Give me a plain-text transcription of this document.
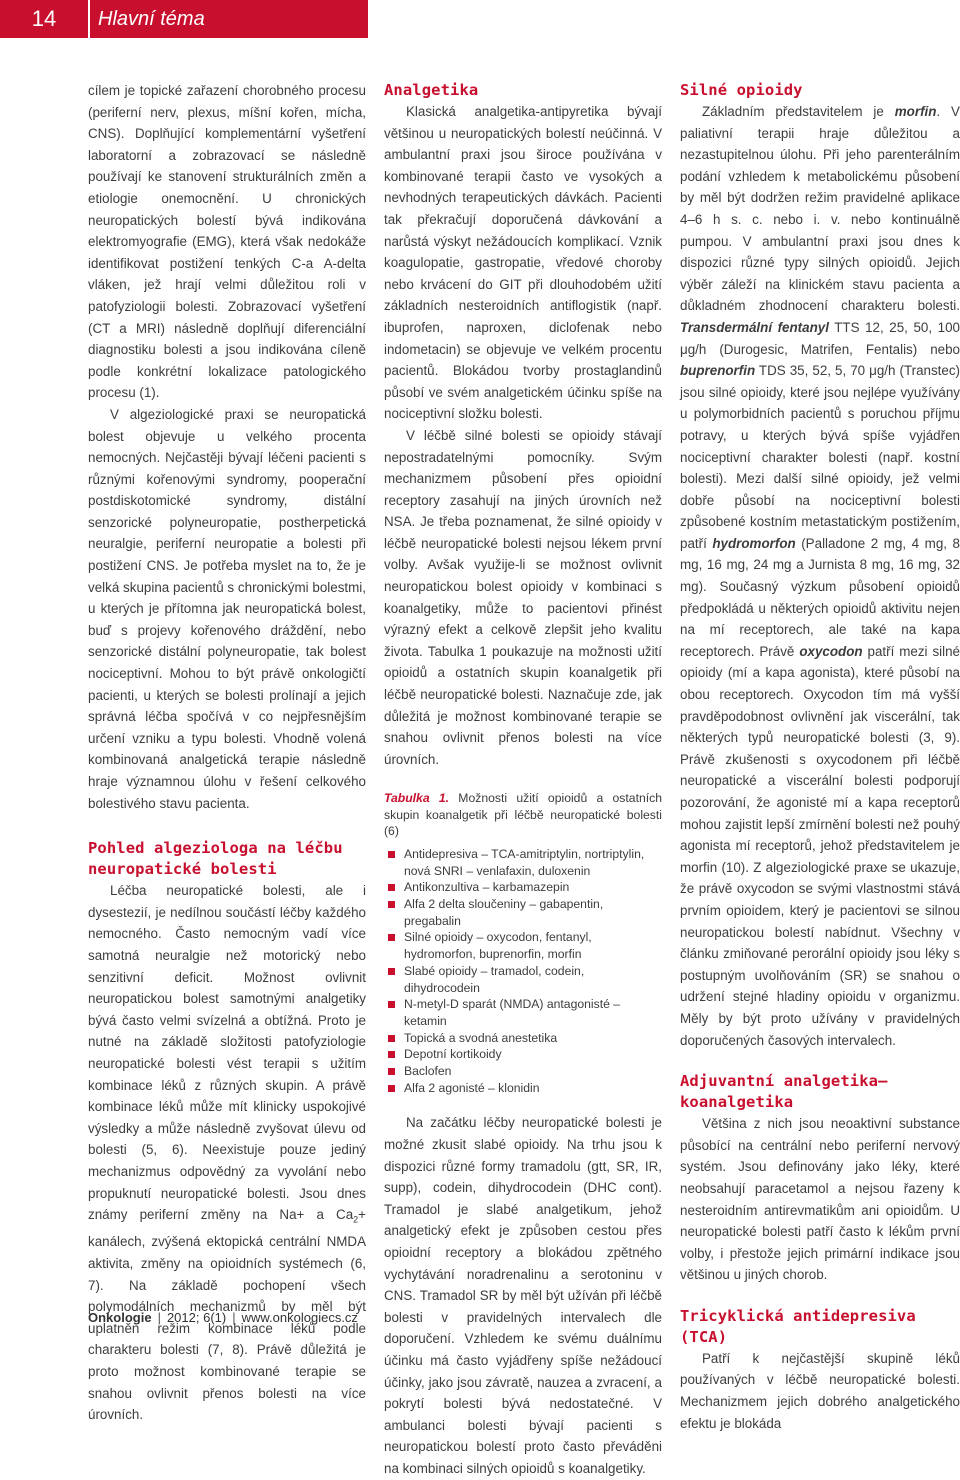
14	Hlavní téma

cílem je topické zařazení chorobného procesu (periferní nerv, plexus, míšní kořen, mícha, CNS). Doplňující komplementární vyšetření laboratorní a zobrazovací se následně používají ke stanovení strukturálních změn a etiologie onemocnění. U chronických neuropatických bolestí bývá indikována elektromyografie (EMG), která však nedokáže identifikovat postižení tenkých C-a A-delta vláken, jež hrají velmi důležitou roli v patofyziologii bolesti. Zobrazovací vyšetření (CT a MRI) následně doplňují diferenciální diagnostiku bolesti a jsou indikována cíleně podle konkrétní lokalizace patologického procesu (1).

V algeziologické praxi se neuropatická bolest objevuje u velkého procenta nemocných. Nejčastěji bývají léčeni pacienti s různými kořenovými syndromy, pooperační postdiskotomické syndromy, distální senzorické polyneuropatie, postherpetická neuralgie, periferní neuropatie a bolesti při postižení CNS. Je potřeba myslet na to, že je velká skupina pacientů s chronickými bolestmi, u kterých je přítomna jak neuropatická bolest, buď s projevy kořenového dráždění, nebo senzorické distální polyneuropatie, tak bolest nociceptivní. Mohou to být právě onkologičtí pacienti, u kterých se bolesti prolínají a jejich správná léčba spočívá v co nejpřesnějším určení vzniku a typu bolesti. Vhodně volená kombinovaná analgetická terapie následně hraje významnou úlohu v řešení celkového bolestivého stavu pacienta.

Pohled algeziologa na léčbu neuropatické bolesti

Léčba neuropatické bolesti, ale i dysestezií, je nedílnou součástí léčby každého nemocného. Často nemocným vadí více samotná neuralgie než motorický nebo senzitivní deficit. Možnost ovlivnit neuropatickou bolest samotnými analgetiky bývá často velmi svízelná a obtížná. Proto je nutné na základě složitosti patofyziologie neuropatické bolesti vést terapii s užitím kombinace léků z různých skupin. A právě kombinace léků může mít klinicky uspokojivé výsledky a může následně zvyšovat úlevu od bolesti (5, 6). Neexistuje pouze jediný mechanizmus odpovědný za vyvolání nebo propuknutí neuropatické bolesti. Jsou dnes známy periferní změny na Na+ a $Ca_2+$ kanálech, zvýšená ektopická centrální NMDA aktivita, změny na opioidních systémech (6, 7). Na základě pochopení všech polymodálních mechanizmů by měl být uplatněn režim kombinace léků podle charakteru bolesti (7, 8). Právě důležitá je proto možnost kombinované terapie se snahou ovlivnit přenos bolesti na více úrovních.

Analgetika

Klasická analgetika-antipyretika bývají většinou u neuropatických bolestí neúčinná. V ambulantní praxi jsou široce používána v kombinované terapii často ve vysokých a nevhodných terapeutických dávkách. Pacienti tak překračují doporučená dávkování a narůstá výskyt nežádoucích komplikací. Vznik koagulopatie, gastropatie, vředové choroby nebo krvácení do GIT při dlouhodobém užití základních nesteroidních antiflogistik (např. ibuprofen, naproxen, diclofenak nebo indometacin) se objevuje ve velkém procentu pacientů. Blokádou tvorby prostaglandinů působí ve svém analgetickém účinku spíše na nociceptivní složku bolesti.

V léčbě silné bolesti se opioidy stávají nepostradatelnými pomocníky. Svým mechanizmem působení přes opioidní receptory zasahují na jiných úrovních než NSA. Je třeba poznamenat, že silné opioidy v léčbě neuropatické bolesti nejsou lékem první volby. Avšak využije-li se možnost ovlivnit neuropatickou bolest opioidy v kombinaci s koanalgetiky, může to pacientovi přinést výrazný efekt a celkově zlepšit jeho kvalitu života. Tabulka 1 poukazuje na možnosti užití opioidů a ostatních skupin koanalgetik při léčbě neuropatické bolesti. Naznačuje zde, jak důležitá je možnost kombinované terapie se snahou ovlivnit přenos bolesti na více úrovních.

Tabulka 1. Možnosti užití opioidů a ostatních skupin koanalgetik při léčbě neuropatické bolesti (6)

Antidepresiva – TCA-amitriptylin, nortriptylin, nová SNRI – venlafaxin, duloxenin
Antikonzultiva – karbamazepin
Alfa 2 delta sloučeniny – gabapentin, pregabalin
Silné opioidy – oxycodon, fentanyl, hydromorfon, buprenorfin, morfin
Slabé opioidy – tramadol, codein, dihydrocodein
N-metyl-D sparát (NMDA) antagonisté – ketamin
Topická a svodná anestetika
Depotní kortikoidy
Baclofen
Alfa 2 agonisté – klonidin

Na začátku léčby neuropatické bolesti je možné zkusit slabé opioidy. Na trhu jsou k dispozici různé formy tramadolu (gtt, SR, IR, supp), codein, dihydrocodein (DHC cont). Tramadol je slabé analgetikum, jehož analgetický efekt je způsoben cestou přes opioidní receptory a blokádou zpětného vychytávání noradrenalinu a serotoninu v CNS. Tramadol SR by měl být užíván při léčbě bolesti v pravidelných intervalech dle doporučení. Vzhledem ke svému duálnímu účinku má často vyjádřeny spíše nežádoucí účinky, jako jsou závratě, nauzea a zvracení, a pokrytí bolesti bývá nedostatečné. V ambulanci bolesti bývají pacienti s neuropatickou bolestí proto často převáděni na kombinaci silných opioidů s koanalgetiky.

Silné opioidy

Základním představitelem je morfin. V paliativní terapii hraje důležitou a nezastupitelnou úlohu. Při jeho parenterálním podání vzhledem k metabolickému působení by měl být dodržen režim pravidelné aplikace 4–6 h s. c. nebo i. v. nebo kontinuálně pumpou. V ambulantní praxi jsou dnes k dispozici různé typy silných opioidů. Jejich výběr záleží na klinickém stavu pacienta a důkladném zhodnocení charakteru bolesti. Transdermální fentanyl TTS 12, 25, 50, 100 μg/h (Durogesic, Matrifen, Fentalis) nebo buprenorfin TDS 35, 52, 5, 70 μg/h (Transtec) jsou silné opioidy, které jsou nejlépe využívány u polymorbidních pacientů s poruchou příjmu potravy, u kterých bývá spíše vyjádřen nociceptivní charakter bolesti (např. kostní bolesti). Mezi další silné opioidy, jež velmi dobře působí na nociceptivní bolesti způsobené kostním metastatickým postižením, patří hydromorfon (Palladone 2 mg, 4 mg, 8 mg, 16 mg, 24 mg a Jurnista 8 mg, 16 mg, 32 mg). Současný výzkum působení opioidů předpokládá u některých opioidů aktivitu nejen na mí receptorech, ale také na kapa receptorech. Právě oxycodon patří mezi silné opioidy (mí a kapa agonista), které působí na obou receptorech. Oxycodon tím má vyšší pravděpodobnost ovlivnění jak viscerální, tak některých typů neuropatické bolesti (3, 9). Právě zkušenosti s oxycodonem při léčbě neuropatické a viscerální bolesti podporují pozorování, že agonisté mí a kapa receptorů mohou zajistit lepší zmírnění bolesti než pouhý agonista mí receptorů, jehož představitelem je morfin (10). Z algeziologické praxe se ukazuje, že právě oxycodon se svými vlastnostmi stává prvním opioidem, který je pacientovi se silnou neuropatickou bolestí nabídnut. Všechny v článku zmiňované perorální opioidy jsou léky s postupným uvolňováním (SR) se snahou o udržení stejné hladiny opioidu v organizmu. Měly by být proto užívány v pravidelných doporučených časových intervalech.

Adjuvantní analgetika–koanalgetika

Většina z nich jsou neoaktivní substance působící na centrální nebo periferní nervový systém. Jsou definovány jako léky, které neobsahují paracetamol a nejsou řazeny k nesteroidním antirevmatikům ani opioidům. U neuropatické bolesti patří často k lékům první volby, i přestože jejich primární indikace jsou většinou u jiných chorob.

Tricyklická antidepresiva (TCA)

Patří k nejčastější skupině léků používaných v léčbě neuropatické bolesti. Mechanizmem jejich dobrého analgetického efektu je blokáda

Onkologie | 2012; 6(1) | www.onkologiecs.cz
